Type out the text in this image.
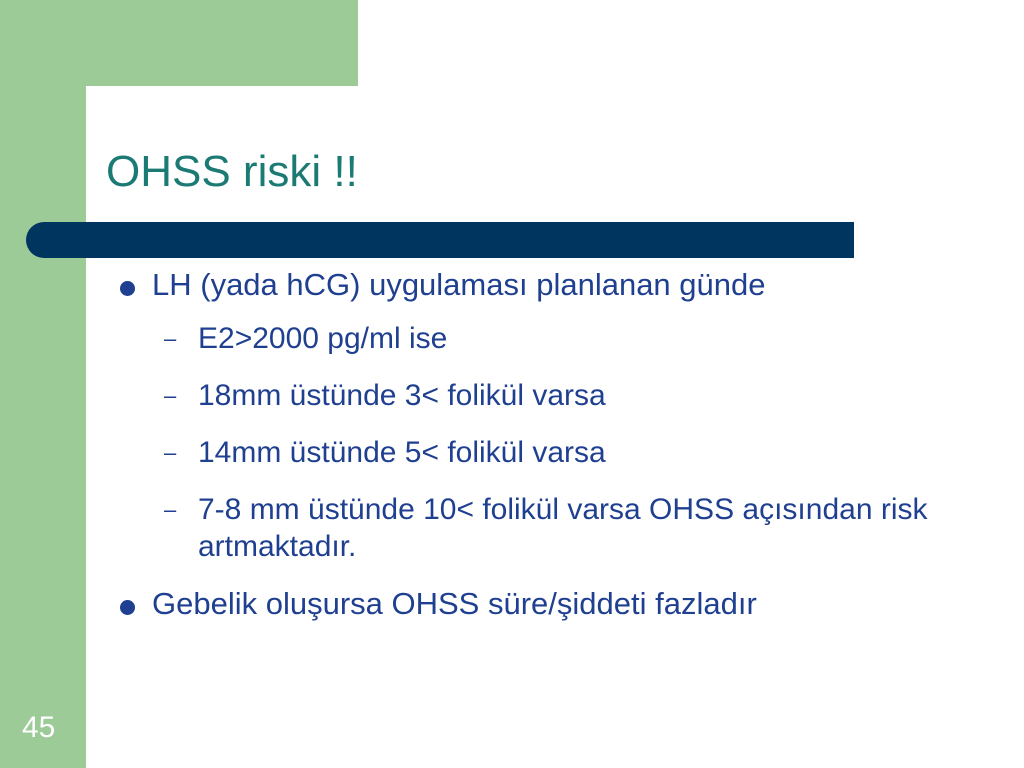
OHSS riski !!
LH (yada hCG) uygulaması planlanan günde
– E2>2000 pg/ml ise
– 18mm üstünde 3< folikül varsa
– 14mm üstünde 5< folikül varsa
– 7-8 mm üstünde 10< folikül varsa OHSS açısından risk artmaktadır.
Gebelik oluşursa OHSS süre/şiddeti fazladır
45
